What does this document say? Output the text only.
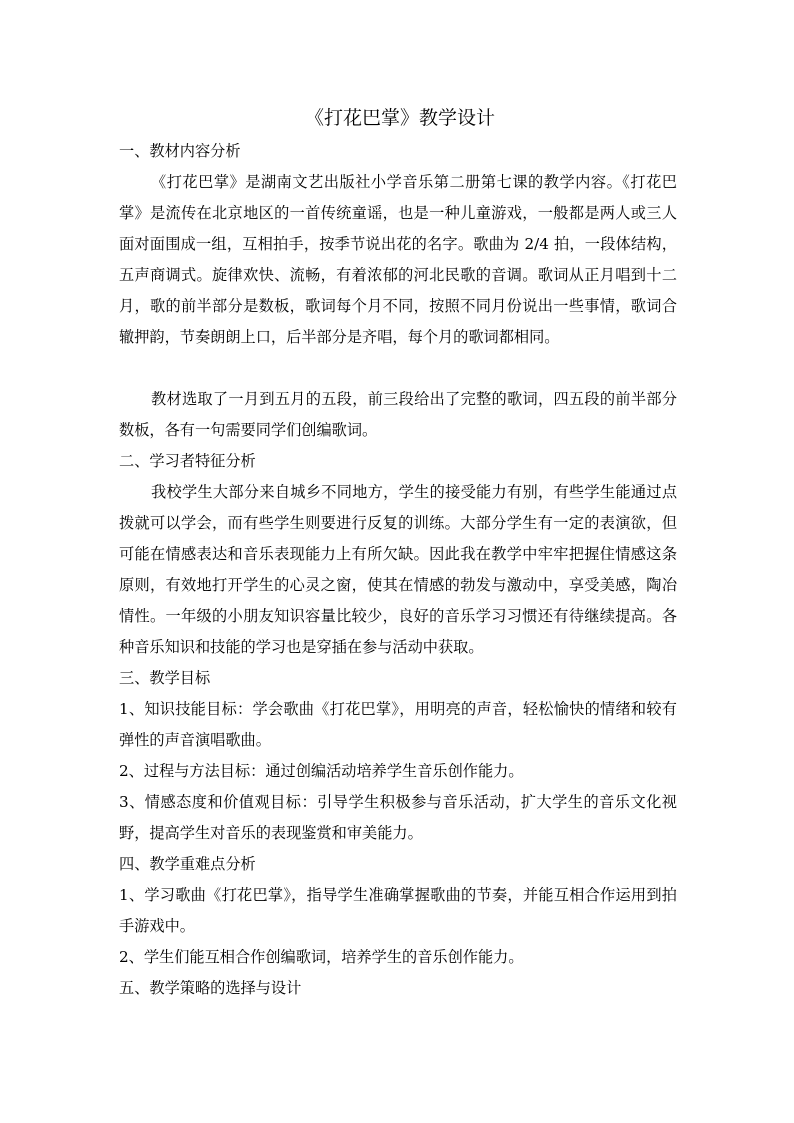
《打花巴掌》教学设计
一、教材内容分析

《打花巴掌》是湖南文艺出版社小学音乐第二册第七课的教学内容。《打花巴掌》是流传在北京地区的一首传统童谣，也是一种儿童游戏，一般都是两人或三人面对面围成一组，互相拍手，按季节说出花的名字。歌曲为 2/4 拍，一段体结构，五声商调式。旋律欢快、流畅，有着浓郁的河北民歌的音调。歌词从正月唱到十二月，歌的前半部分是数板，歌词每个月不同，按照不同月份说出一些事情，歌词合辙押韵，节奏朗朗上口，后半部分是齐唱，每个月的歌词都相同。

教材选取了一月到五月的五段，前三段给出了完整的歌词，四五段的前半部分数板，各有一句需要同学们创编歌词。

二、学习者特征分析

我校学生大部分来自城乡不同地方，学生的接受能力有别，有些学生能通过点拨就可以学会，而有些学生则要进行反复的训练。大部分学生有一定的表演欲，但可能在情感表达和音乐表现能力上有所欠缺。因此我在教学中牢牢把握住情感这条原则，有效地打开学生的心灵之窗，使其在情感的勃发与激动中，享受美感，陶冶情性。一年级的小朋友知识容量比较少，良好的音乐学习习惯还有待继续提高。各种音乐知识和技能的学习也是穿插在参与活动中获取。

三、教学目标

1、知识技能目标：学会歌曲《打花巴掌》，用明亮的声音，轻松愉快的情绪和较有弹性的声音演唱歌曲。

2、过程与方法目标：通过创编活动培养学生音乐创作能力。

3、情感态度和价值观目标：引导学生积极参与音乐活动，扩大学生的音乐文化视野，提高学生对音乐的表现鉴赏和审美能力。

四、教学重难点分析

1、学习歌曲《打花巴掌》，指导学生准确掌握歌曲的节奏，并能互相合作运用到拍手游戏中。

2、学生们能互相合作创编歌词，培养学生的音乐创作能力。

五、教学策略的选择与设计
